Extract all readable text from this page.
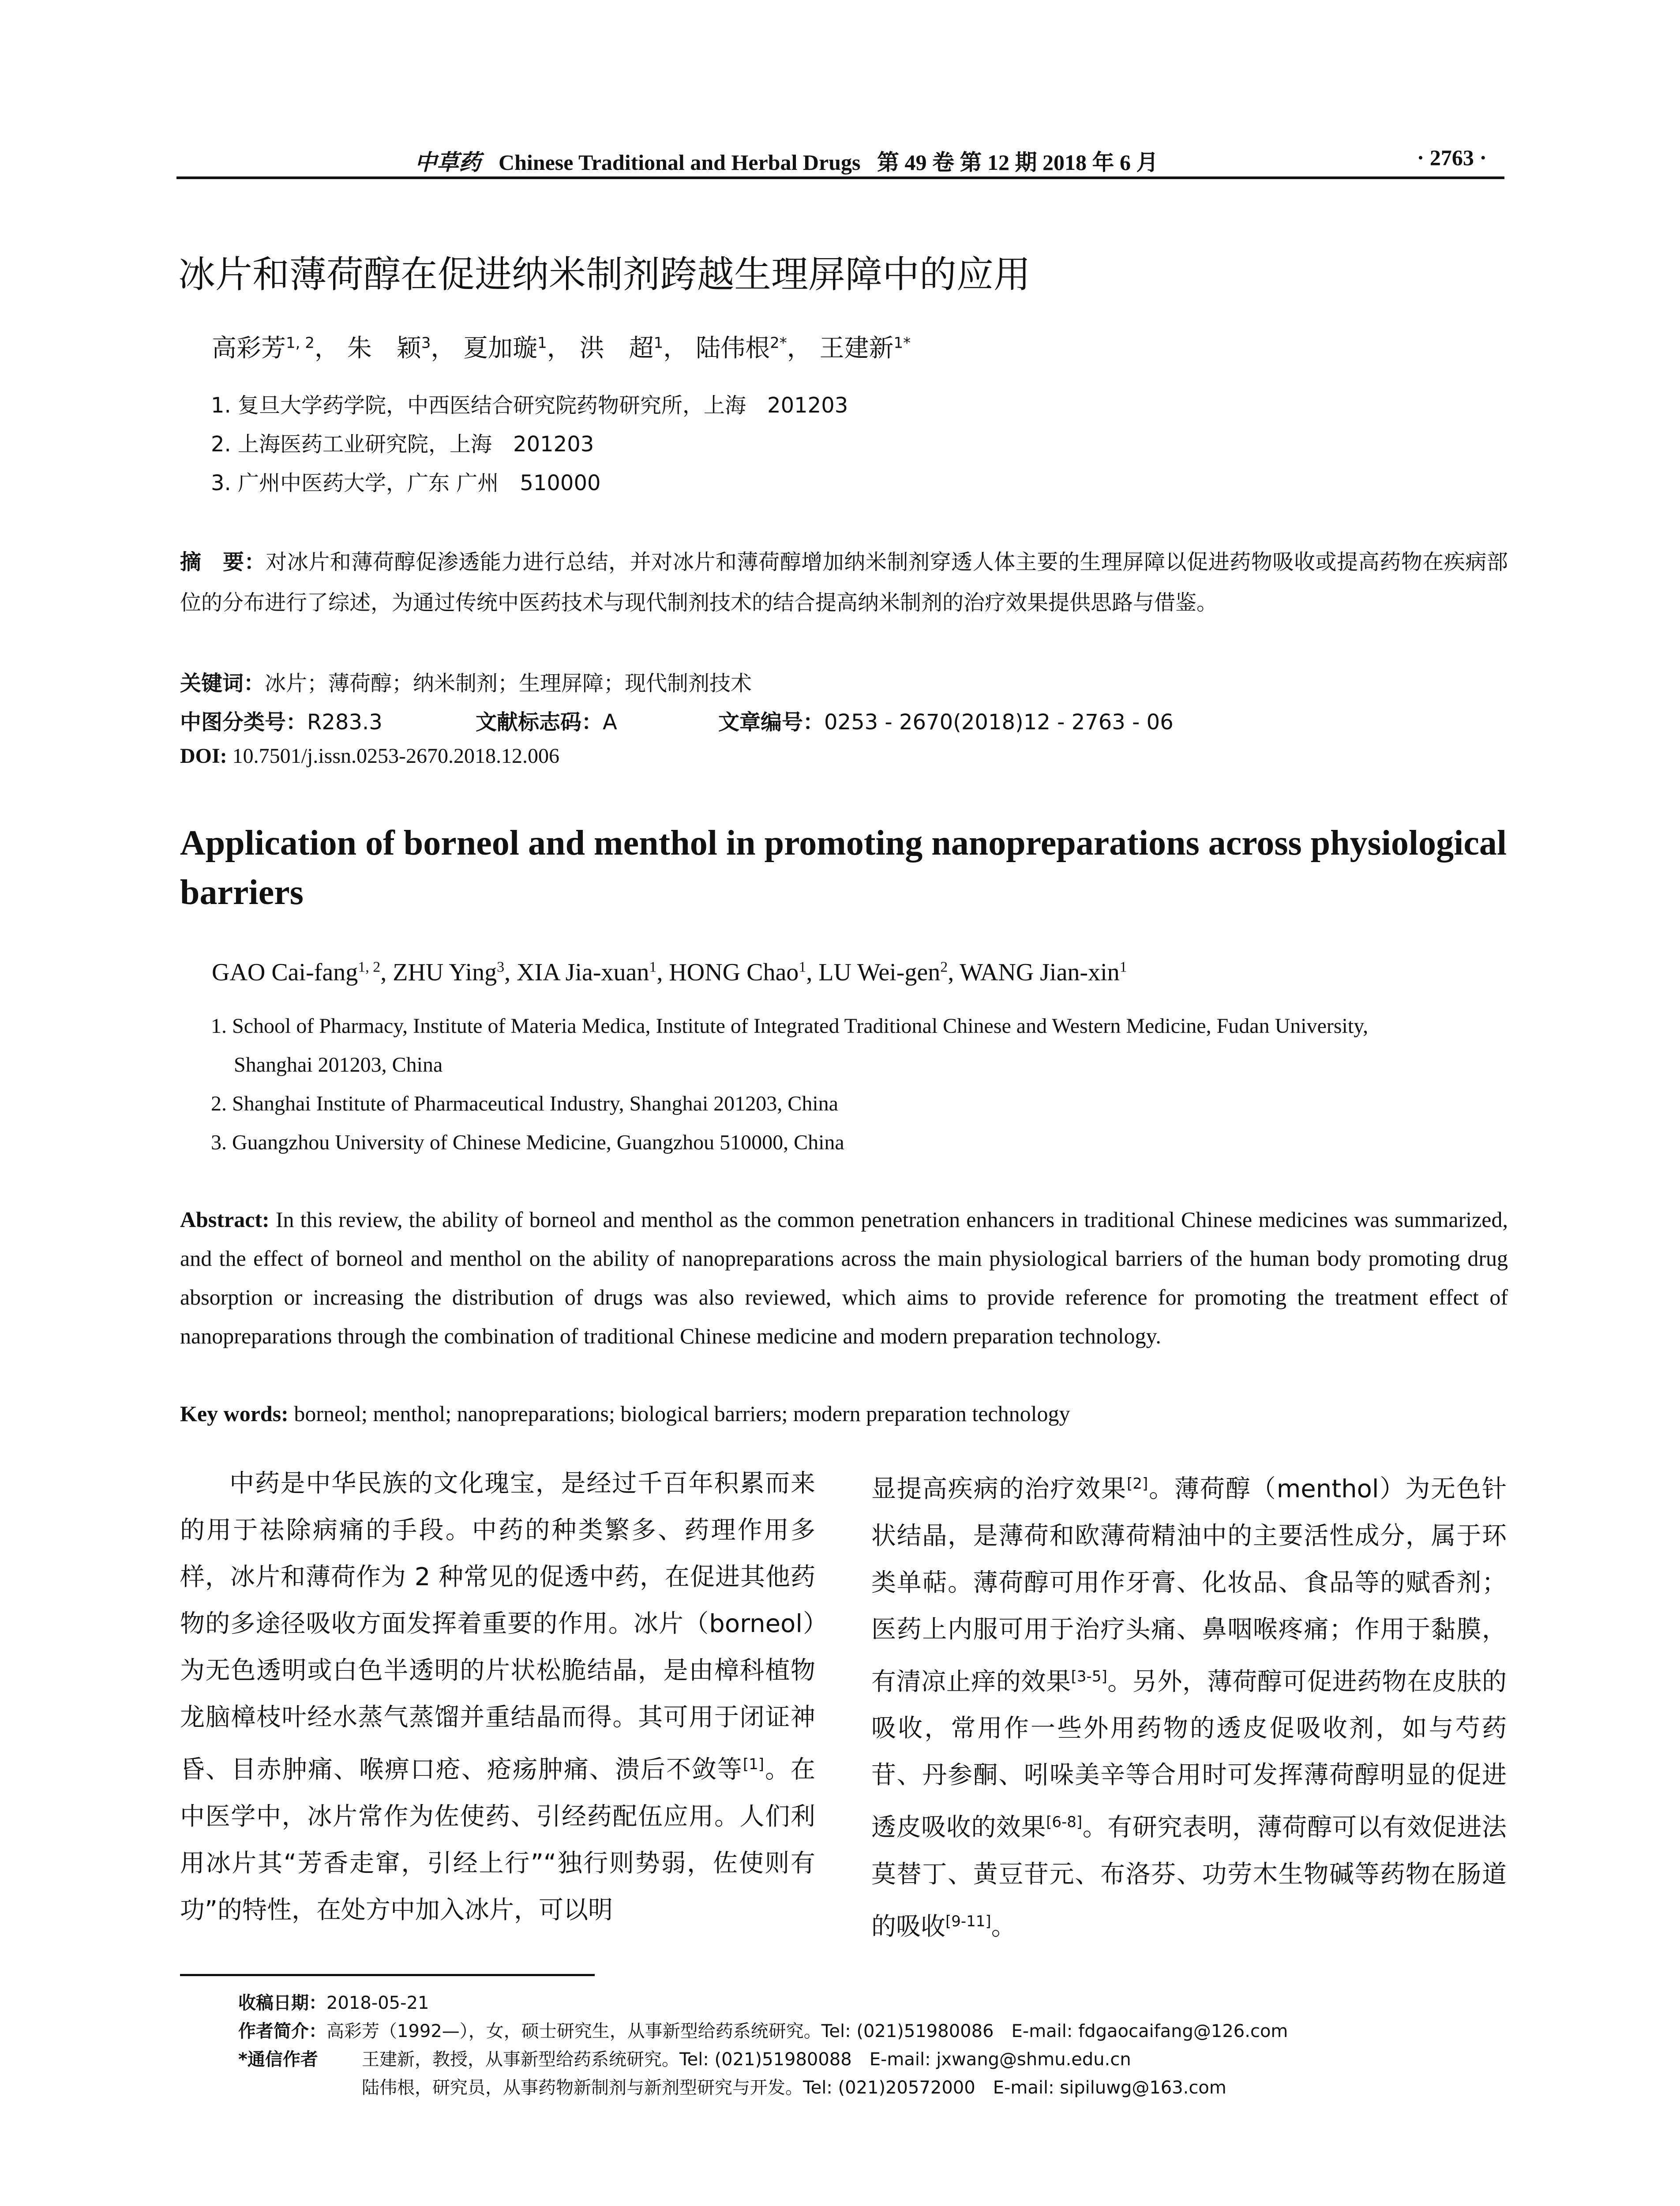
中草药 Chinese Traditional and Herbal Drugs 第 49 卷 第 12 期 2018 年 6 月	· 2763 ·
冰片和薄荷醇在促进纳米制剂跨越生理屏障中的应用
高彩芳$^{1, 2}$， 朱　颖$^3$， 夏加璇$^1$， 洪　超$^1$， 陆伟根$^{2*}$， 王建新$^{1*}$
1. 复旦大学药学院，中西医结合研究院药物研究所，上海　201203
2. 上海医药工业研究院，上海　201203
3. 广州中医药大学，广东 广州　510000
摘　要：对冰片和薄荷醇促渗透能力进行总结，并对冰片和薄荷醇增加纳米制剂穿透人体主要的生理屏障以促进药物吸收或提高药物在疾病部位的分布进行了综述，为通过传统中医药技术与现代制剂技术的结合提高纳米制剂的治疗效果提供思路与借鉴。
关键词：冰片；薄荷醇；纳米制剂；生理屏障；现代制剂技术
中图分类号：R283.3	文献标志码：A	文章编号：0253 - 2670(2018)12 - 2763 - 06
DOI: 10.7501/j.issn.0253-2670.2018.12.006
Application of borneol and menthol in promoting nanopreparations across physiological barriers
GAO Cai-fang$^{1, 2}$, ZHU Ying$^3$, XIA Jia-xuan$^1$, HONG Chao$^1$, LU Wei-gen$^2$, WANG Jian-xin$^1$
1. School of Pharmacy, Institute of Materia Medica, Institute of Integrated Traditional Chinese and Western Medicine, Fudan University,
Shanghai 201203, China
2. Shanghai Institute of Pharmaceutical Industry, Shanghai 201203, China
3. Guangzhou University of Chinese Medicine, Guangzhou 510000, China
Abstract: In this review, the ability of borneol and menthol as the common penetration enhancers in traditional Chinese medicines was summarized, and the effect of borneol and menthol on the ability of nanopreparations across the main physiological barriers of the human body promoting drug absorption or increasing the distribution of drugs was also reviewed, which aims to provide reference for promoting the treatment effect of nanopreparations through the combination of traditional Chinese medicine and modern preparation technology.
Key words: borneol; menthol; nanopreparations; biological barriers; modern preparation technology
中药是中华民族的文化瑰宝，是经过千百年积累而来的用于祛除病痛的手段。中药的种类繁多、药理作用多样，冰片和薄荷作为 2 种常见的促透中药，在促进其他药物的多途径吸收方面发挥着重要的作用。冰片（borneol）为无色透明或白色半透明的片状松脆结晶，是由樟科植物龙脑樟枝叶经水蒸气蒸馏并重结晶而得。其可用于闭证神昏、目赤肿痛、喉痹口疮、疮疡肿痛、溃后不敛等[1]。在中医学中，冰片常作为佐使药、引经药配伍应用。人们利用冰片其“芳香走窜，引经上行”“独行则势弱，佐使则有功”的特性，在处方中加入冰片，可以明
显提高疾病的治疗效果[2]。薄荷醇（menthol）为无色针状结晶，是薄荷和欧薄荷精油中的主要活性成分，属于环类单萜。薄荷醇可用作牙膏、化妆品、食品等的赋香剂；医药上内服可用于治疗头痛、鼻咽喉疼痛；作用于黏膜，有清凉止痒的效果[3-5]。另外，薄荷醇可促进药物在皮肤的吸收，常用作一些外用药物的透皮促吸收剂，如与芍药苷、丹参酮、吲哚美辛等合用时可发挥薄荷醇明显的促进透皮吸收的效果[6-8]。有研究表明，薄荷醇可以有效促进法莫替丁、黄豆苷元、布洛芬、功劳木生物碱等药物在肠道的吸收[9-11]。
收稿日期：2018-05-21
作者简介：高彩芳（1992—），女，硕士研究生，从事新型给药系统研究。Tel: (021)51980086　E-mail: fdgaocaifang@126.com
*通信作者 王建新，教授，从事新型给药系统研究。Tel: (021)51980088　E-mail: jxwang@shmu.edu.cn
陆伟根，研究员，从事药物新制剂与新剂型研究与开发。Tel: (021)20572000　E-mail: sipiluwg@163.com
